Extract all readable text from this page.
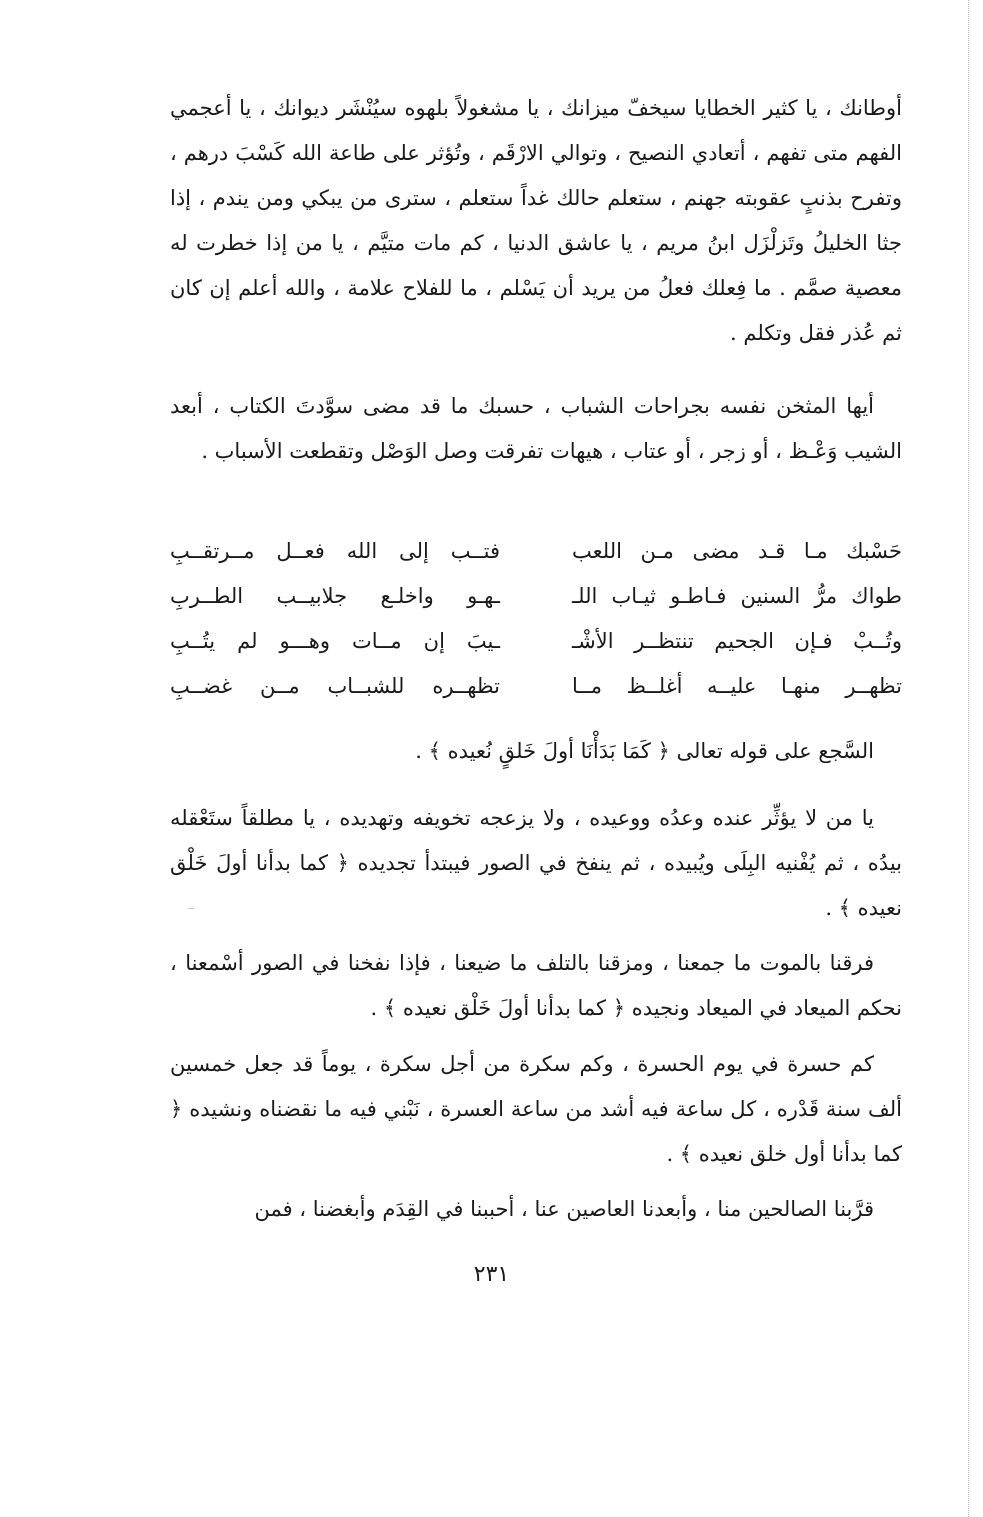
أوطانك ، يا كثير الخطايا سيخفّ ميزانك ، يا مشغولاً بلهوه سيُنْشَر ديوانك ، يا أعجمي الفهم متى تفهم ، أتعادي النصيح ، وتوالي الارْقَم ، وتُؤثر على طاعة الله كَسْبَ درهم ، وتفرح بذنبٍ عقوبته جهنم ، ستعلم حالك غداً ستعلم ، سترى من يبكي ومن يندم ، إذا جثا الخليلُ وتَزلْزَل ابنُ مريم ، يا عاشق الدنيا ، كم مات متيَّم ، يا من إذا خطرت له معصية صمَّم . ما فِعلك فعلُ من يريد أن يَسْلم ، ما للفلاح علامة ، والله أعلم إن كان ثم عُذر فقل وتكلم .

أيها المثخن نفسه بجراحات الشباب ، حسبك ما قد مضى سوَّدتَ الكتاب ، أبعد الشيب وَعْـظ ، أو زجر ، أو عتاب ، هيهات تفرقت وصل الوَصْل وتقطعت الأسباب .

حَسْبك مـا قـد مضى مـن اللعب
فتــب إلى الله فعــل مــرتقــبِ
طواك مرُّ السنين فـاطـو ثيـاب اللـ
ـهـو واخلـع جلابيــب الطــربِ
وتُــبْ فـإن الجحيم تنتظــر الأشْـ
ـيبَ إن مــات وهـــو لم يتُــبِ
تظهــر منهـا عليــه أغلــظ مــا
تظهــره للشبــاب مــن غضــبِ

السَّجع على قوله تعالى ﴿ كَمَا بَدَأْنَا أولَ خَلقٍ نُعيده ﴾ .

يا من لا يؤثِّر عنده وعدُه ووعيده ، ولا يزعجه تخويفه وتهديده ، يا مطلقاً ستَعْقله بيدُه ، ثم يُفْنيه البِلَى ويُبيده ، ثم ينفخ في الصور فيبتدأ تجديده ﴿ كما بدأنا أولَ خَلْق نعيده ﴾ .

فرقنا بالموت ما جمعنا ، ومزقنا بالتلف ما ضيعنا ، فإذا نفخنا في الصور أسْمعنا ، نحكم الميعاد في الميعاد ونجيده ﴿ كما بدأنا أولَ خَلْق نعيده ﴾ .

كم حسرة في يوم الحسرة ، وكم سكرة من أجل سكرة ، يوماً قد جعل خمسين ألف سنة قَدْره ، كل ساعة فيه أشد من ساعة العسرة ، نَبْني فيه ما نقضناه ونشيده ﴿ كما بدأنا أول خلق نعيده ﴾ .

قرَّبنا الصالحين منا ، وأبعدنا العاصين عنا ، أحببنا في القِدَم وأبغضنا ، فمن

٢٣١
